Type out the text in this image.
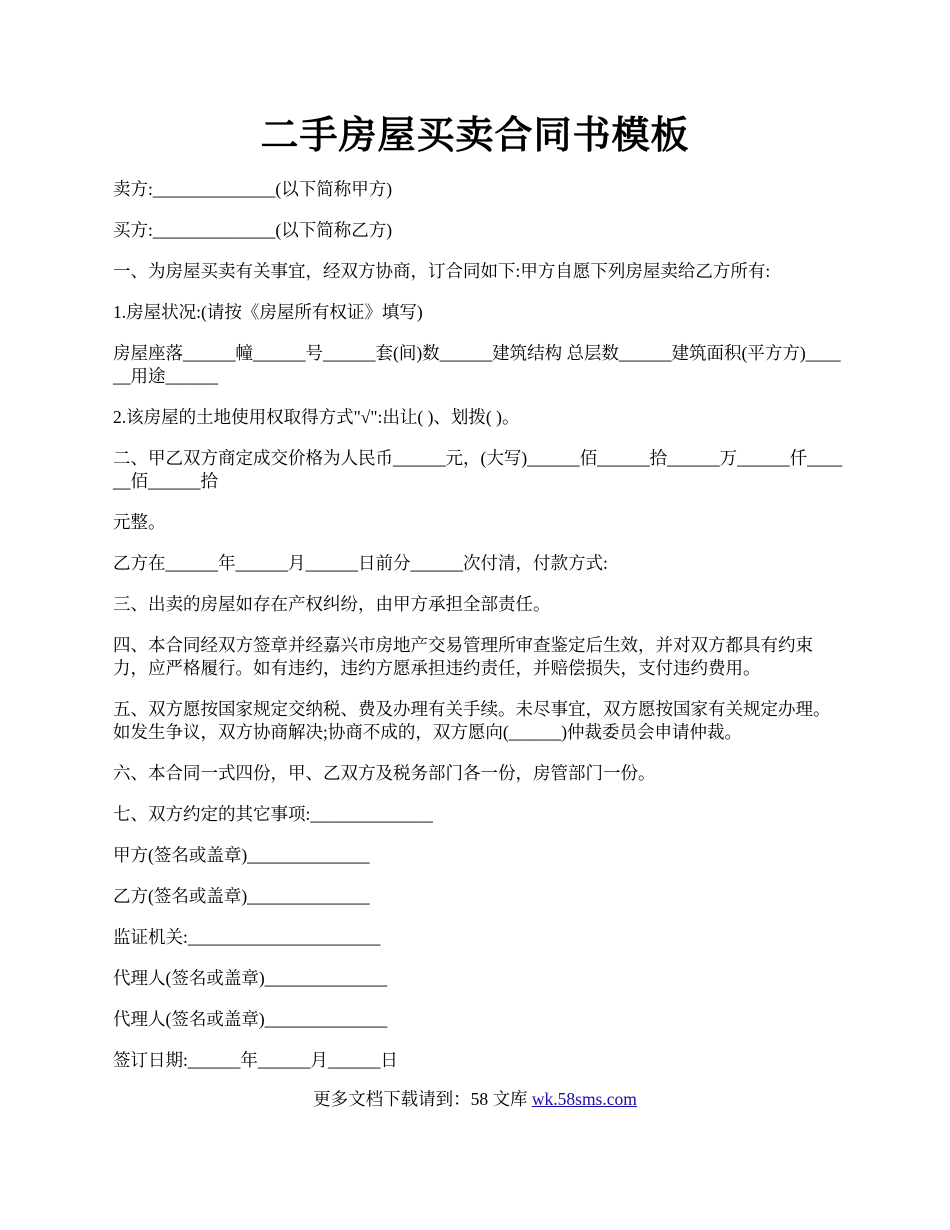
二手房屋买卖合同书模板

卖方:______________(以下简称甲方)

买方:______________(以下简称乙方)

一、为房屋买卖有关事宜，经双方协商，订合同如下:甲方自愿下列房屋卖给乙方所有:

1.房屋状况:(请按《房屋所有权证》填写)

房屋座落______幢______号______套(间)数______建筑结构 总层数______建筑面积(平方方)______用途______

2.该房屋的土地使用权取得方式"√":出让( )、划拨( )。

二、甲乙双方商定成交价格为人民币______元，(大写)______佰______拾______万______仟______佰______拾

元整。

乙方在______年______月______日前分______次付清，付款方式:

三、出卖的房屋如存在产权纠纷，由甲方承担全部责任。

四、本合同经双方签章并经嘉兴市房地产交易管理所审查鉴定后生效，并对双方都具有约束力，应严格履行。如有违约，违约方愿承担违约责任，并赔偿损失，支付违约费用。

五、双方愿按国家规定交纳税、费及办理有关手续。未尽事宜，双方愿按国家有关规定办理。如发生争议，双方协商解决;协商不成的，双方愿向(______)仲裁委员会申请仲裁。

六、本合同一式四份，甲、乙双方及税务部门各一份，房管部门一份。

七、双方约定的其它事项:______________

甲方(签名或盖章)______________

乙方(签名或盖章)______________

监证机关:______________________

代理人(签名或盖章)______________

代理人(签名或盖章)______________

签订日期:______年______月______日

更多文档下载请到：58 文库 wk.58sms.com
